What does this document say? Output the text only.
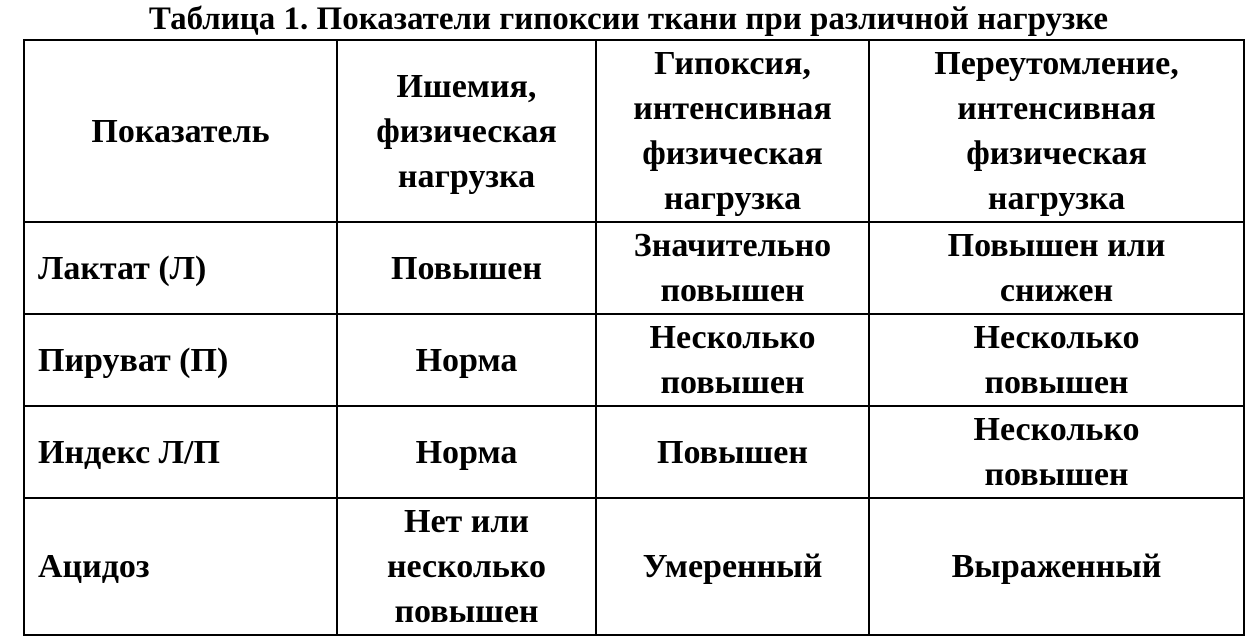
Таблица 1. Показатели гипоксии ткани при различной нагрузке
Показатель	Ишемия,
физическая
нагрузка	Гипоксия,
интенсивная
физическая
нагрузка	Переутомление,
интенсивная
физическая
нагрузка

Лактат (Л)	Повышен	Значительно
повышен	Повышен или
снижен

Пируват (П)	Норма	Несколько
повышен	Несколько
повышен

Индекс Л/П	Норма	Повышен	Несколько
повышен

Ацидоз	Нет или
несколько
повышен	Умеренный	Выраженный
